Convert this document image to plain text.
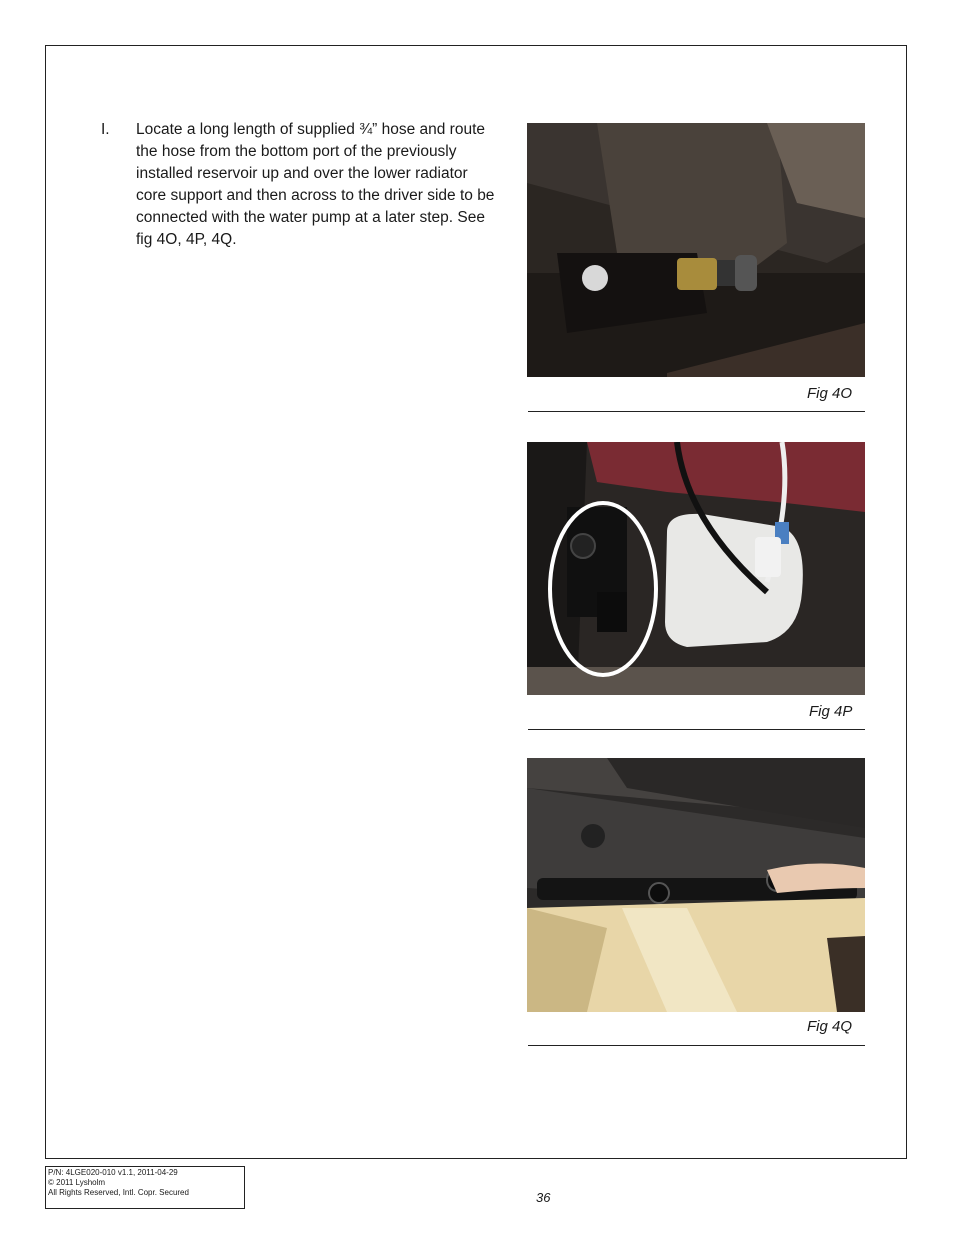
I. Locate a long length of supplied ¾” hose and route the hose from the bottom port of the previously installed reservoir up and over the lower radiator core support and then across to the driver side to be connected with the water pump at a later step. See fig 4O, 4P, 4Q.
Fig 4O
Fig 4P
Fig 4Q
P/N: 4LGE020-010 v1.1, 2011-04-29
© 2011 Lysholm
All Rights Reserved, Intl. Copr. Secured	36
